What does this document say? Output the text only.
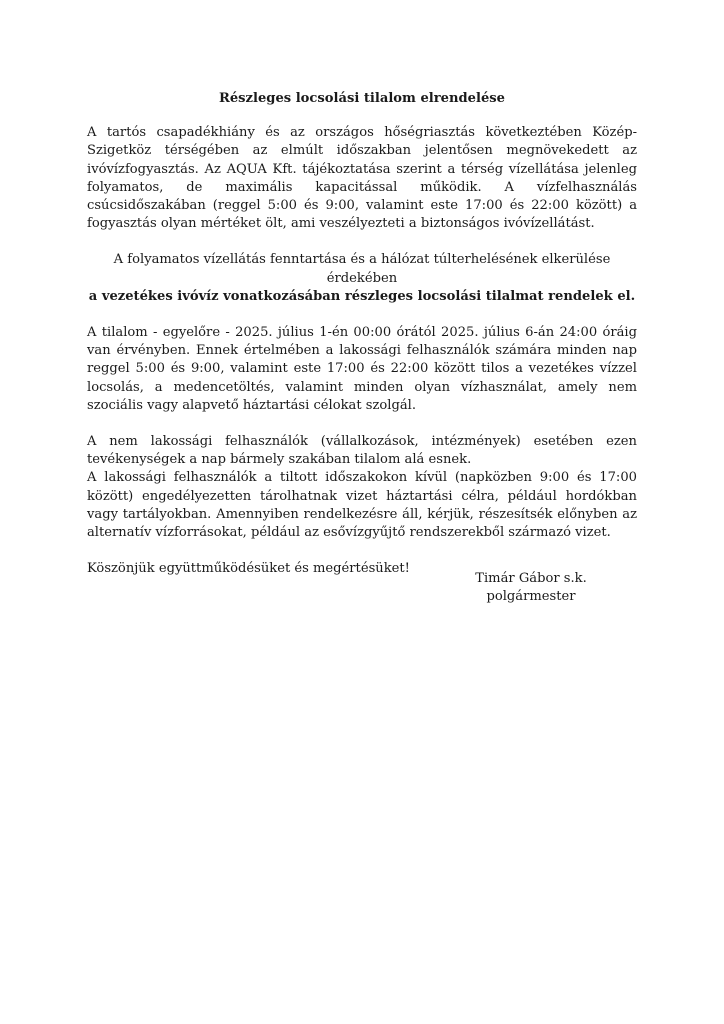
Részleges locsolási tilalom elrendelése

A tartós csapadékhiány és az országos hőségriasztás következtében Közép-Szigetköz térségében az elmúlt időszakban jelentősen megnövekedett az ivóvízfogyasztás. Az AQUA Kft. tájékoztatása szerint a térség vízellátása jelenleg folyamatos, de maximális kapacitással működik. A vízfelhasználás csúcsidőszakában (reggel 5:00 és 9:00, valamint este 17:00 és 22:00 között) a fogyasztás olyan mértéket ölt, ami veszélyezteti a biztonságos ivóvízellátást.

A folyamatos vízellátás fenntartása és a hálózat túlterhelésének elkerülése érdekében
a vezetékes ivóvíz vonatkozásában részleges locsolási tilalmat rendelek el.

A tilalom - egyelőre - 2025. július 1-én 00:00 órától 2025. július 6-án 24:00 óráig van érvényben. Ennek értelmében a lakossági felhasználók számára minden nap reggel 5:00 és 9:00, valamint este 17:00 és 22:00 között tilos a vezetékes vízzel locsolás, a medencetöltés, valamint minden olyan vízhasználat, amely nem szociális vagy alapvető háztartási célokat szolgál.

A nem lakossági felhasználók (vállalkozások, intézmények) esetében ezen tevékenységek a nap bármely szakában tilalom alá esnek.

A lakossági felhasználók a tiltott időszakokon kívül (napközben 9:00 és 17:00 között) engedélyezetten tárolhatnak vizet háztartási célra, például hordókban vagy tartályokban. Amennyiben rendelkezésre áll, kérjük, részesítsék előnyben az alternatív vízforrásokat, például az esővízgyűjtő rendszerekből származó vizet.

Köszönjük együttműködésüket és megértésüket!

Timár Gábor s.k.
polgármester
